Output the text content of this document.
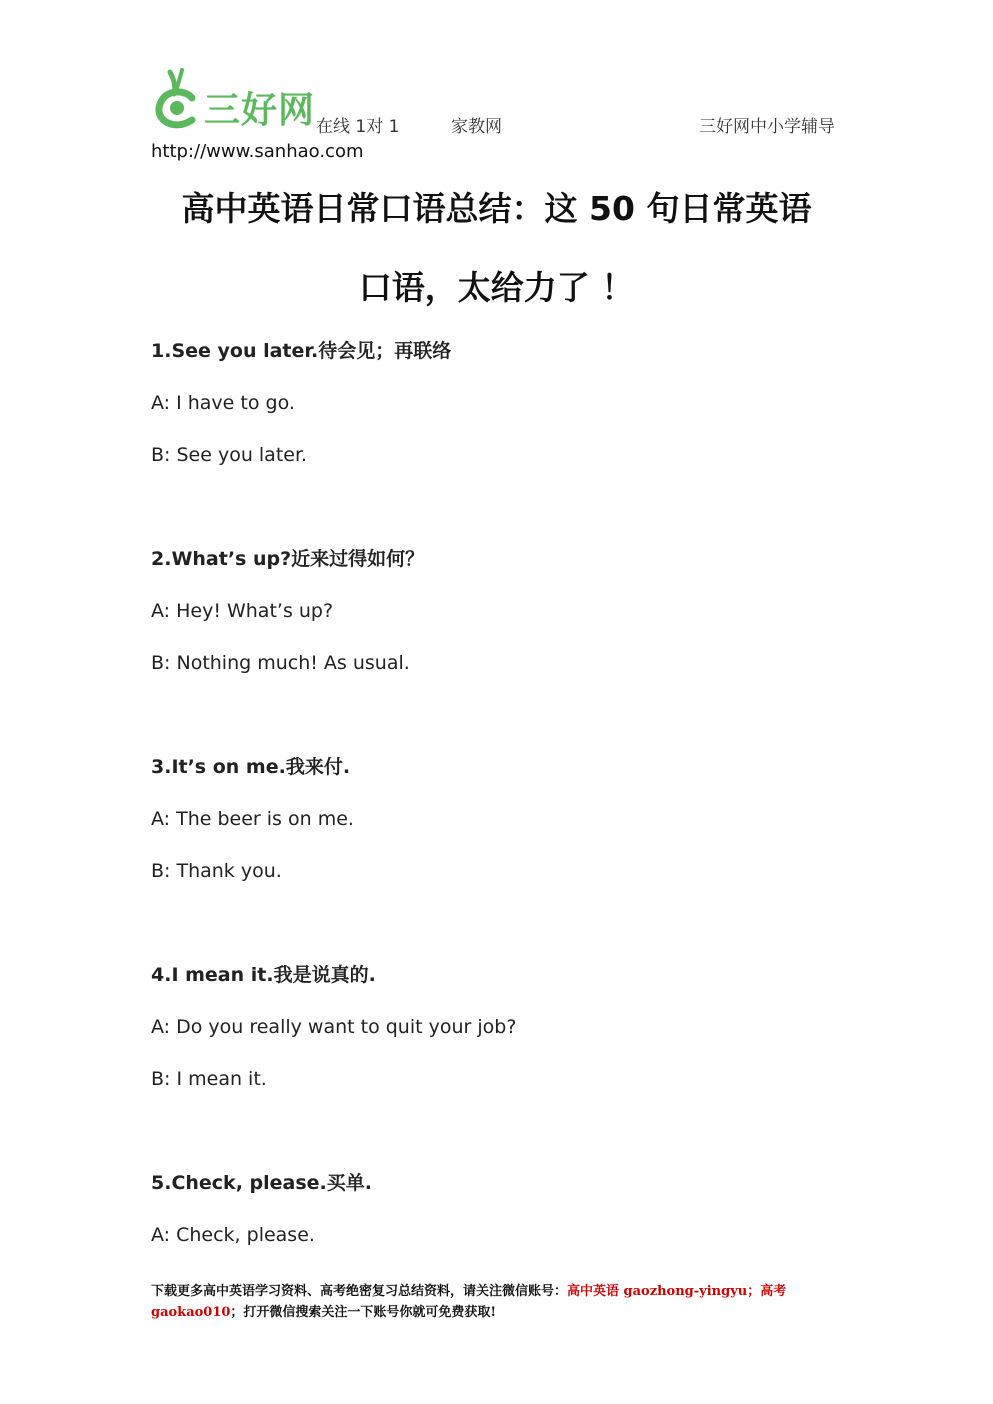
三好网 在线 1对 1	家教网	三好网中小学辅导
http://www.sanhao.com
高中英语日常口语总结：这 50 句日常英语
口语，太给力了 ！
1.See you later.待会见；再联络
A: I have to go.
B: See you later.
2.What’s up?近来过得如何？
A: Hey! What’s up?
B: Nothing much! As usual.
3.It’s on me.我来付.
A: The beer is on me.
B: Thank you.
4.I mean it.我是说真的.
A: Do you really want to quit your job?
B: I mean it.
5.Check, please.买单.
A: Check, please.
下载更多高中英语学习资料、高考绝密复习总结资料，请关注微信账号：高中英语 gaozhong-yingyu；高考
gaokao010；打开微信搜索关注一下账号你就可免费获取!
